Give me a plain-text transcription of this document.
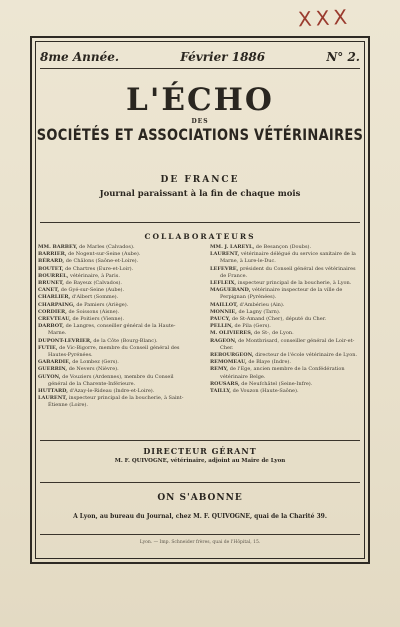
XXX
8me Année.	Février 1886	N° 2.
L'ÉCHO
DES
SOCIÉTÉS ET ASSOCIATIONS VÉTÉRINAIRES
DE FRANCE
Journal paraissant à la fin de chaque mois
COLLABORATEURS
MM. BARBEY, de Marles (Calvados).
BARRIER, de Nogent-sur-Seine (Aube).
BÉRARD, de Châlons (Saône-et-Loire).
BOUTET, de Chartres (Eure-et-Loir).
BOURREL, vétérinaire, à Paris.
BRUNET, de Bayeux (Calvados).
CANET, de Gyé-sur-Seine (Aube).
CHARLIER, d'Albert (Somme).
CHARPAING, de Pamiers (Ariège).
CORDIER, de Soissons (Aisne).
CREVTEAU, de Poitiers (Vienne).
DARBOT, de Langres, conseiller général de la Haute-Marne.
DUPONT-LEVRIER, de la Côte (Bourg-Blanc).
FUTIE, de Vic-Bigorre, membre du Conseil général des Hautes-Pyrénées.
GABARDIE, de Lombez (Gers).
GUERRIN, de Nevers (Nièvre).
GUYON, de Vouziers (Ardennes), membre du Conseil général de la Charente-Inférieure.
HUTTARD, d'Azay-le-Rideau (Indre-et-Loire).
LAURENT, inspecteur principal de la boucherie, à Saint-Étienne (Loire).
MM. J. LAREYL, de Besançon (Doubs).
LAURENT, vétérinaire délégué du service sanitaire de la Marne, à Lure-le-Duc.
LEFEVRE, président du Conseil général des vétérinaires de France.
LEFLEIX, inspecteur principal de la boucherie, à Lyon.
MAGUEBAND, vétérinaire inspecteur de la ville de Perpignan (Pyrénées).
MAILLOT, d'Ambérieu (Ain).
MONNIE, de Lagny (Tarn).
PAUCY, de St-Amand (Cher), député du Cher.
PELLIN, de Pila (Gers).
M. OLIVIERES, de St-, de Lyon.
RAGEON, de Montbrisard, conseiller général de Loir-et-Cher.
REBOURGEON, directeur de l'école vétérinaire de Lyon.
REMOMEAU, de Blaye (Indre).
REMY, de l'Ege, ancien membre de la Confédération vétérinaire Belge.
ROUSARS, de Neufchâtel (Seine-Infre).
TAILLY, de Vouzon (Haute-Saône).
DIRECTEUR GÉRANT
M. F. QUIVOGNE, vétérinaire, adjoint au Maire de Lyon
ON S'ABONNE
A Lyon, au bureau du Journal, chez M. F. QUIVOGNE, quai de la Charité 39.
Lyon. — Imp. Schneider frères, quai de l'Hôpital, 15.
